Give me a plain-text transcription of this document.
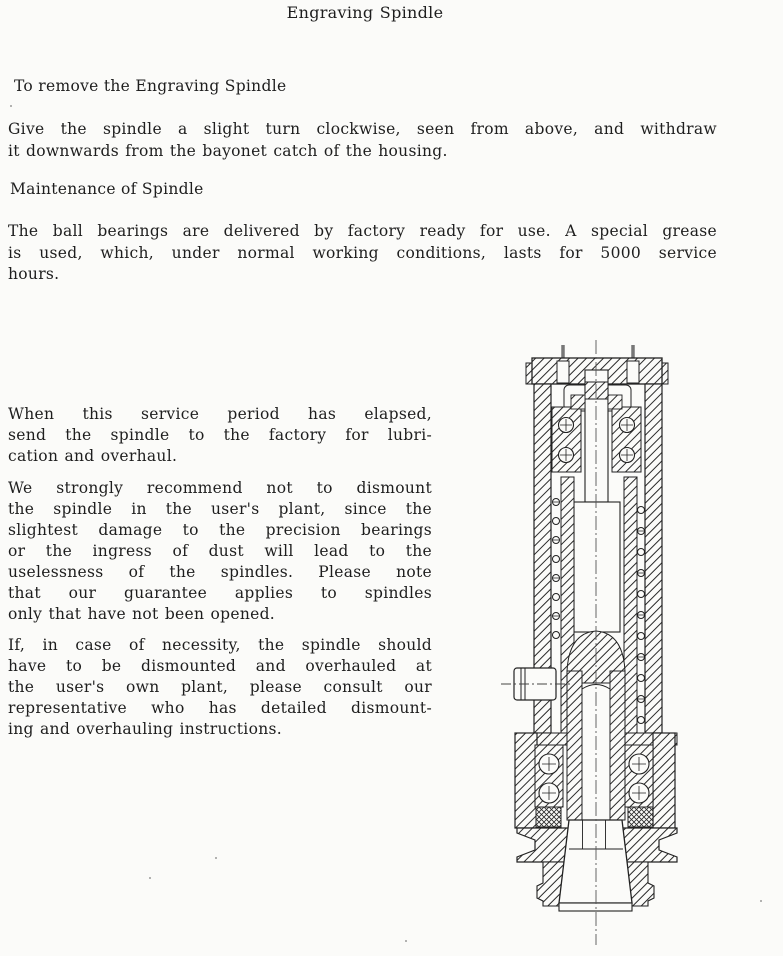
Engraving Spindle
To remove the Engraving Spindle
Give the spindle a slight turn clockwise, seen from above, and withdraw
it downwards from the bayonet catch of the housing.
Maintenance of Spindle
The ball bearings are delivered by factory ready for use. A special grease
is used, which, under normal working conditions, lasts for 5000 service
hours.
When this service period has elapsed,
send the spindle to the factory for lubri-
cation and overhaul.
We strongly recommend not to dismount
the spindle in the user's plant, since the
slightest damage to the precision bearings
or the ingress of dust will lead to the
uselessness of the spindles. Please note
that our guarantee applies to spindles
only that have not been opened.
If, in case of necessity, the spindle should
have to be dismounted and overhauled at
the user's own plant, please consult our
representative who has detailed dismount-
ing and overhauling instructions.
